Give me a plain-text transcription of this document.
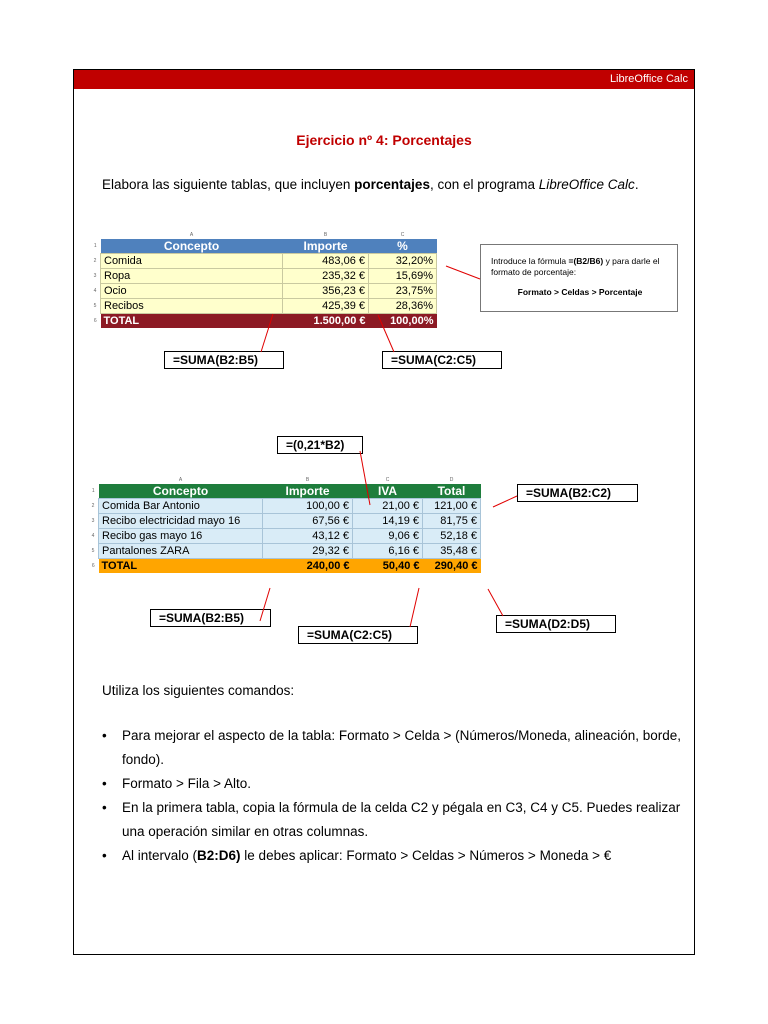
LibreOffice Calc
Ejercicio nº 4: Porcentajes
Elabora las siguiente tablas, que incluyen porcentajes, con el programa LibreOffice Calc.
	A	B	C
1	Concepto	Importe	%
2	Comida	483,06 €	32,20%
3	Ropa	235,32 €	15,69%
4	Ocio	356,23 €	23,75%
5	Recibos	425,39 €	28,36%
6	TOTAL	1.500,00 €	100,00%
Introduce la fórmula =(B2/B6) y para darle el formato de porcentaje:
Formato > Celdas > Porcentaje
=SUMA(B2:B5)	=SUMA(C2:C5)
=(0,21*B2)
	A	B	C	D
1	Concepto	Importe	IVA	Total
2	Comida Bar Antonio	100,00 €	21,00 €	121,00 €
3	Recibo electricidad mayo 16	67,56 €	14,19 €	81,75 €
4	Recibo gas mayo 16	43,12 €	9,06 €	52,18 €
5	Pantalones ZARA	29,32 €	6,16 €	35,48 €
6	TOTAL	240,00 €	50,40 €	290,40 €
=SUMA(B2:C2)
=SUMA(B2:B5)
=SUMA(C2:C5)
=SUMA(D2:D5)
Utiliza los siguientes comandos:
• Para mejorar el aspecto de la tabla: Formato > Celda > (Números/Moneda, alineación, borde, fondo).
• Formato > Fila > Alto.
• En la primera tabla, copia la fórmula de la celda C2 y pégala en C3, C4 y C5. Puedes realizar una operación similar en otras columnas.
• Al intervalo (B2:D6) le debes aplicar: Formato > Celdas > Números > Moneda > €
